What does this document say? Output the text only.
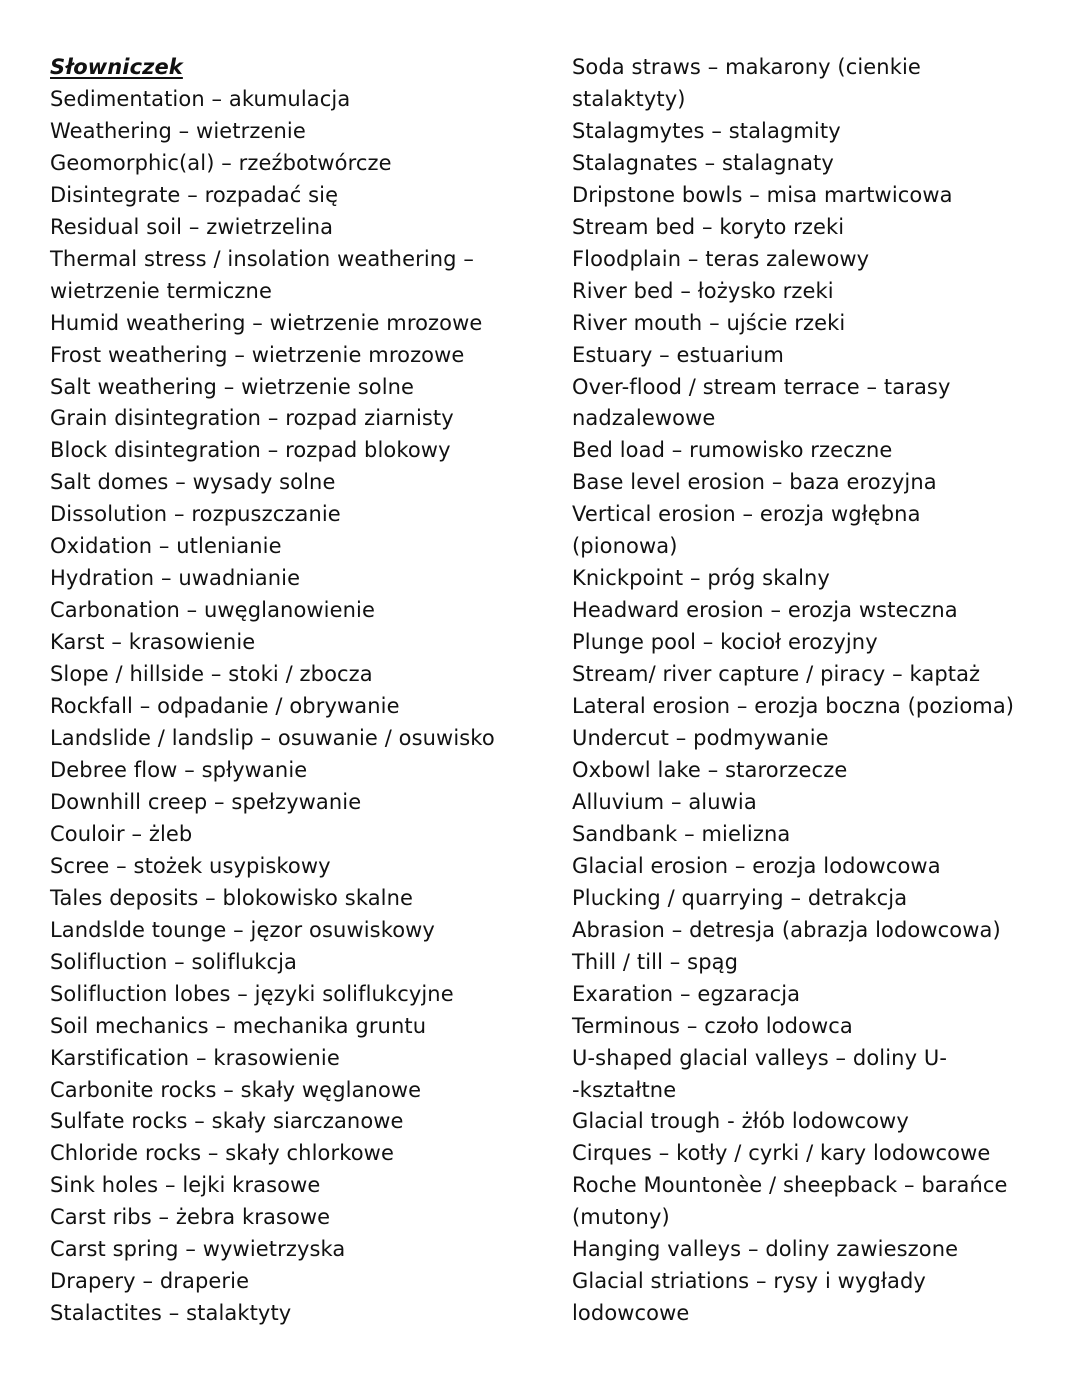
Słowniczek
Sedimentation – akumulacja
Weathering – wietrzenie
Geomorphic(al) – rzeźbotwórcze
Disintegrate – rozpadać się
Residual soil – zwietrzelina
Thermal stress / insolation weathering –
wietrzenie termiczne
Humid weathering – wietrzenie mrozowe
Frost weathering – wietrzenie mrozowe
Salt weathering – wietrzenie solne
Grain disintegration – rozpad ziarnisty
Block disintegration – rozpad blokowy
Salt domes – wysady solne
Dissolution – rozpuszczanie
Oxidation – utlenianie
Hydration – uwadnianie
Carbonation – uwęglanowienie
Karst – krasowienie
Slope / hillside – stoki / zbocza
Rockfall – odpadanie / obrywanie
Landslide / landslip – osuwanie / osuwisko
Debree flow – spływanie
Downhill creep – spełzywanie
Couloir – żleb
Scree – stożek usypiskowy
Tales deposits – blokowisko skalne
Landslde tounge – jęzor osuwiskowy
Solifluction – soliflukcja
Solifluction lobes – języki soliflukcyjne
Soil mechanics – mechanika gruntu
Karstification – krasowienie
Carbonite rocks – skały węglanowe
Sulfate rocks – skały siarczanowe
Chloride rocks – skały chlorkowe
Sink holes – lejki krasowe
Carst ribs – żebra krasowe
Carst spring – wywietrzyska
Drapery – draperie
Stalactites – stalaktyty
Soda straws – makarony (cienkie
stalaktyty)
Stalagmytes – stalagmity
Stalagnates – stalagnaty
Dripstone bowls – misa martwicowa
Stream bed – koryto rzeki
Floodplain – teras zalewowy
River bed – łożysko rzeki
River mouth – ujście rzeki
Estuary – estuarium
Over-flood / stream terrace – tarasy
nadzalewowe
Bed load – rumowisko rzeczne
Base level erosion – baza erozyjna
Vertical erosion – erozja wgłębna
(pionowa)
Knickpoint – próg skalny
Headward erosion – erozja wsteczna
Plunge pool – kocioł erozyjny
Stream/ river capture / piracy – kaptaż
Lateral erosion – erozja boczna (pozioma)
Undercut – podmywanie
Oxbowl lake – starorzecze
Alluvium – aluwia
Sandbank – mielizna
Glacial erosion – erozja lodowcowa
Plucking / quarrying – detrakcja
Abrasion – detresja (abrazja lodowcowa)
Thill / till – spąg
Exaration – egzaracja
Terminous – czoło lodowca
U-shaped glacial valleys – doliny U-
-kształtne
Glacial trough - żłób lodowcowy
Cirques – kotły / cyrki / kary lodowcowe
Roche Mountonèe / sheepback – barańce
(mutony)
Hanging valleys – doliny zawieszone
Glacial striations – rysy i wygłady
lodowcowe
